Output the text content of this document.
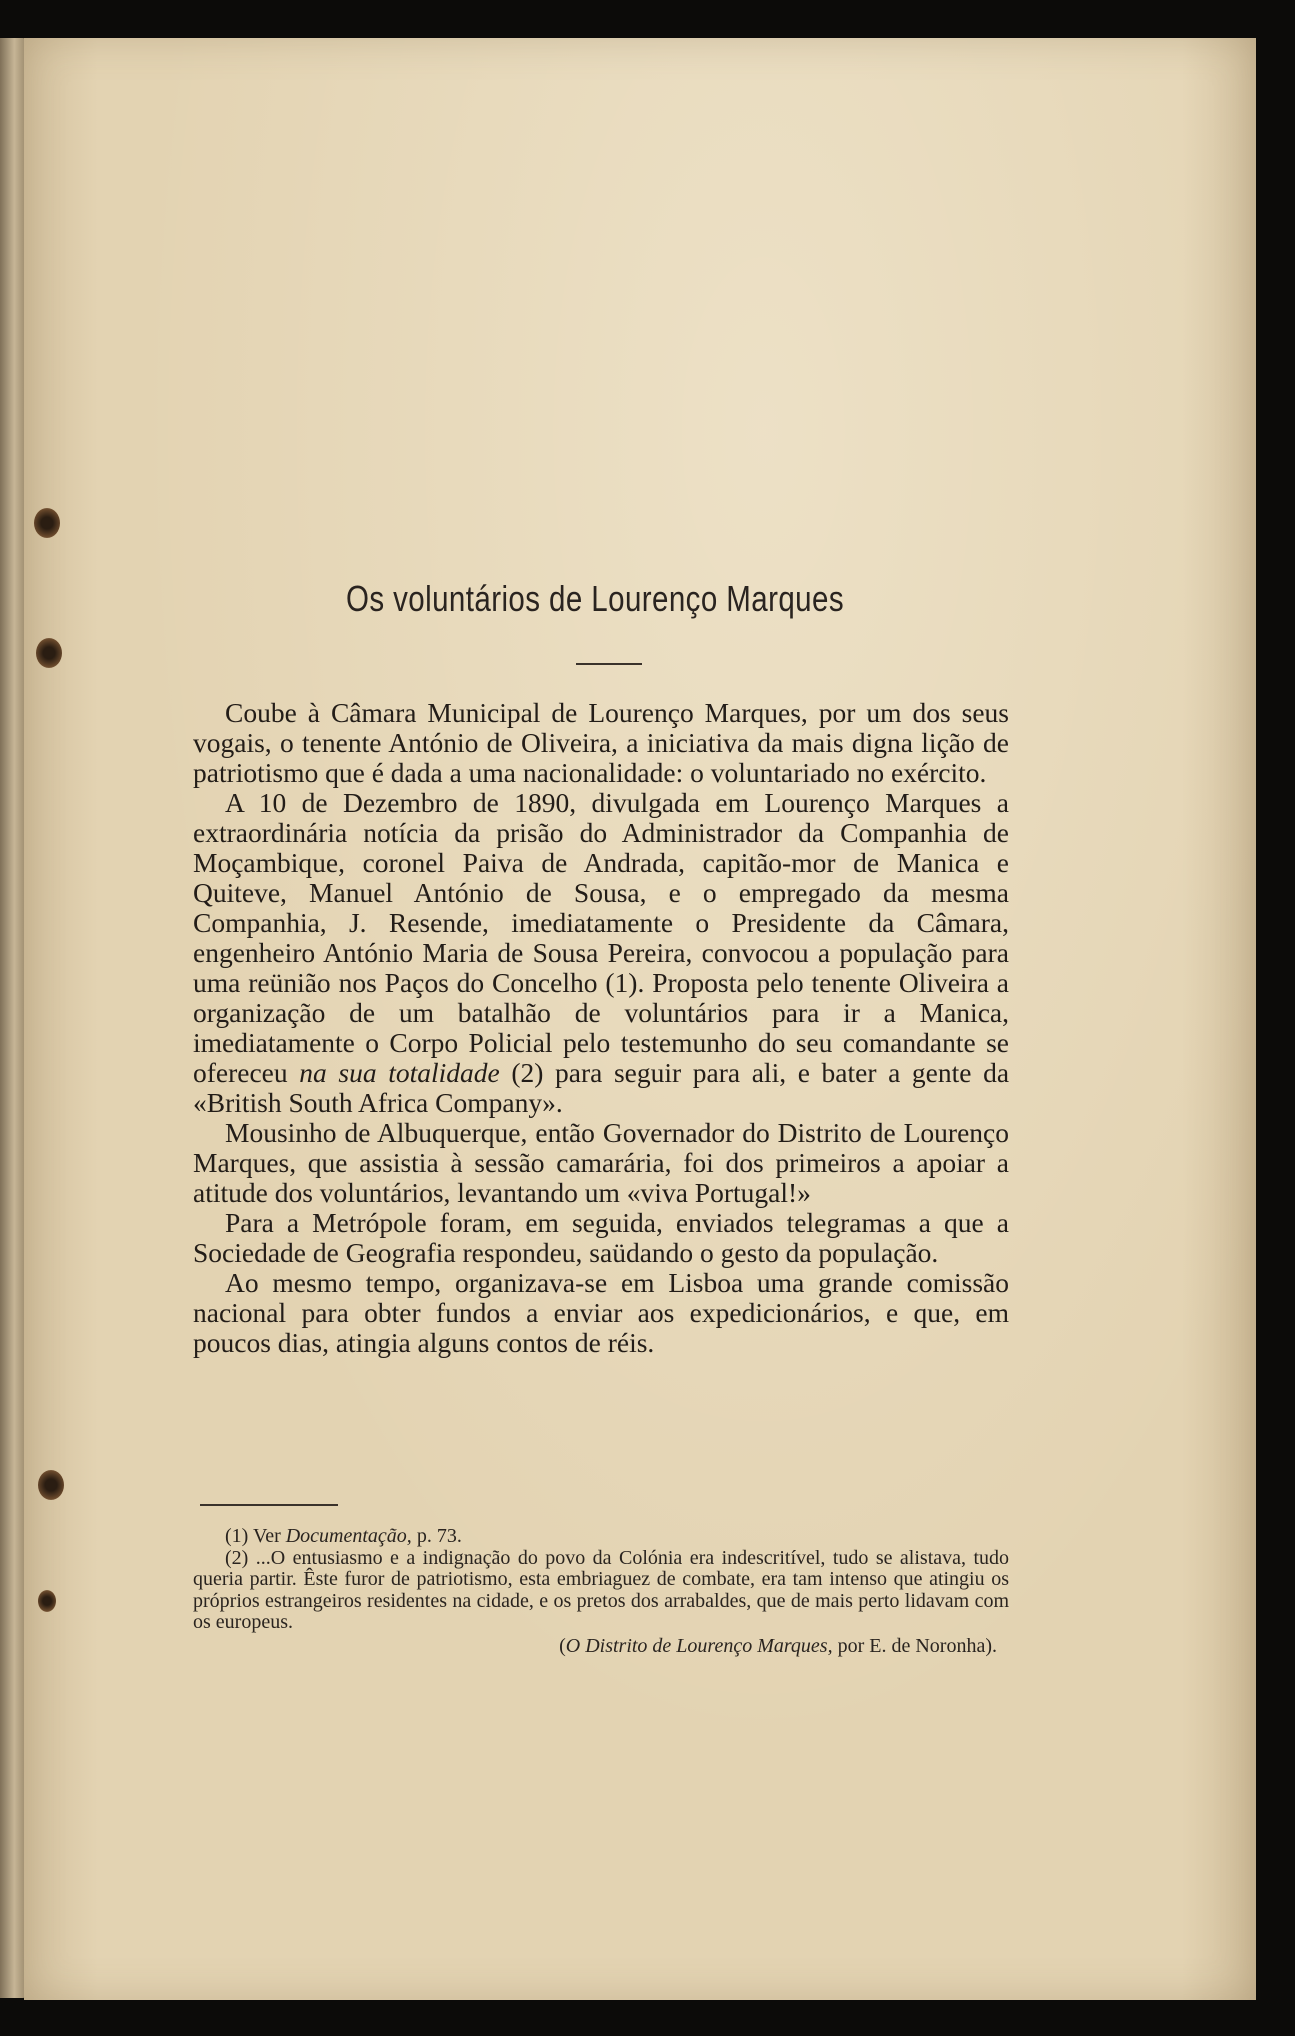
Os voluntários de Lourenço Marques

Coube à Câmara Municipal de Lourenço Marques, por um dos seus vogais, o tenente António de Oliveira, a iniciativa da mais digna lição de patriotismo que é dada a uma nacionalidade: o voluntariado no exército.

A 10 de Dezembro de 1890, divulgada em Lourenço Marques a extraordinária notícia da prisão do Administrador da Companhia de Moçambique, coronel Paiva de Andrada, capitão-mor de Manica e Quiteve, Manuel António de Sousa, e o empregado da mesma Companhia, J. Resende, imediatamente o Presidente da Câmara, engenheiro António Maria de Sousa Pereira, convocou a população para uma reünião nos Paços do Concelho (1). Proposta pelo tenente Oliveira a organização de um batalhão de voluntários para ir a Manica, imediatamente o Corpo Policial pelo testemunho do seu comandante se ofereceu na sua totalidade (2) para seguir para ali, e bater a gente da «British South Africa Company».

Mousinho de Albuquerque, então Governador do Distrito de Lourenço Marques, que assistia à sessão camarária, foi dos primeiros a apoiar a atitude dos voluntários, levantando um «viva Portugal!»

Para a Metrópole foram, em seguida, enviados telegramas a que a Sociedade de Geografia respondeu, saüdando o gesto da população.

Ao mesmo tempo, organizava-se em Lisboa uma grande comissão nacional para obter fundos a enviar aos expedicionários, e que, em poucos dias, atingia alguns contos de réis.

(1) Ver Documentação, p. 73.

(2) ...O entusiasmo e a indignação do povo da Colónia era indescritível, tudo se alistava, tudo queria partir. Êste furor de patriotismo, esta embriaguez de combate, era tam intenso que atingiu os próprios estrangeiros residentes na cidade, e os pretos dos arrabaldes, que de mais perto lidavam com os europeus.

(O Distrito de Lourenço Marques, por E. de Noronha).
